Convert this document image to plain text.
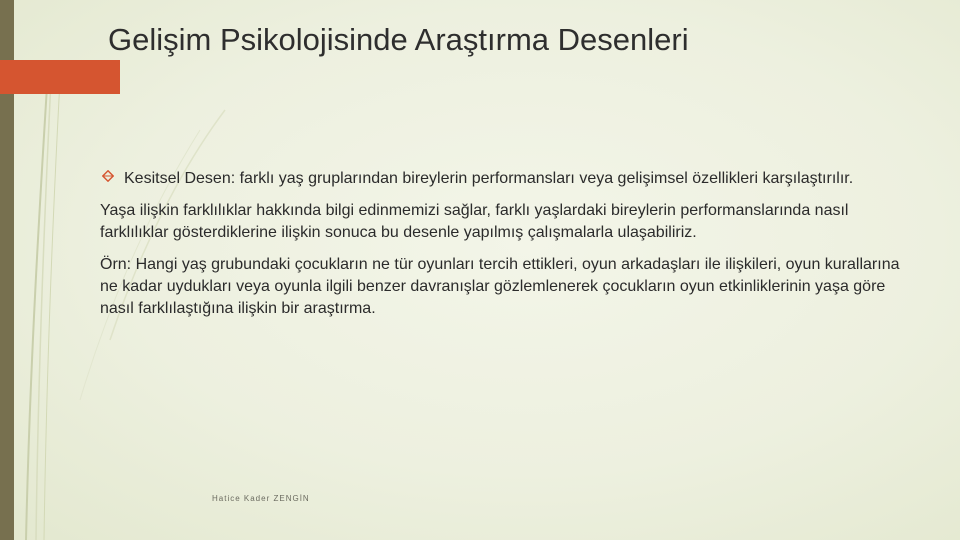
Gelişim Psikolojisinde Araştırma Desenleri

Kesitsel Desen: farklı yaş gruplarından bireylerin performansları veya gelişimsel özellikleri karşılaştırılır.

Yaşa ilişkin farklılıklar hakkında bilgi edinmemizi sağlar, farklı yaşlardaki bireylerin performanslarında nasıl farklılıklar gösterdiklerine ilişkin sonuca bu desenle yapılmış çalışmalarla ulaşabiliriz.

Örn: Hangi yaş grubundaki çocukların ne tür oyunları tercih ettikleri, oyun arkadaşları ile ilişkileri, oyun kurallarına ne kadar uydukları veya oyunla ilgili benzer davranışlar gözlemlenerek çocukların oyun etkinliklerinin yaşa göre nasıl farklılaştığına ilişkin bir araştırma.

Hatice Kader ZENGİN
